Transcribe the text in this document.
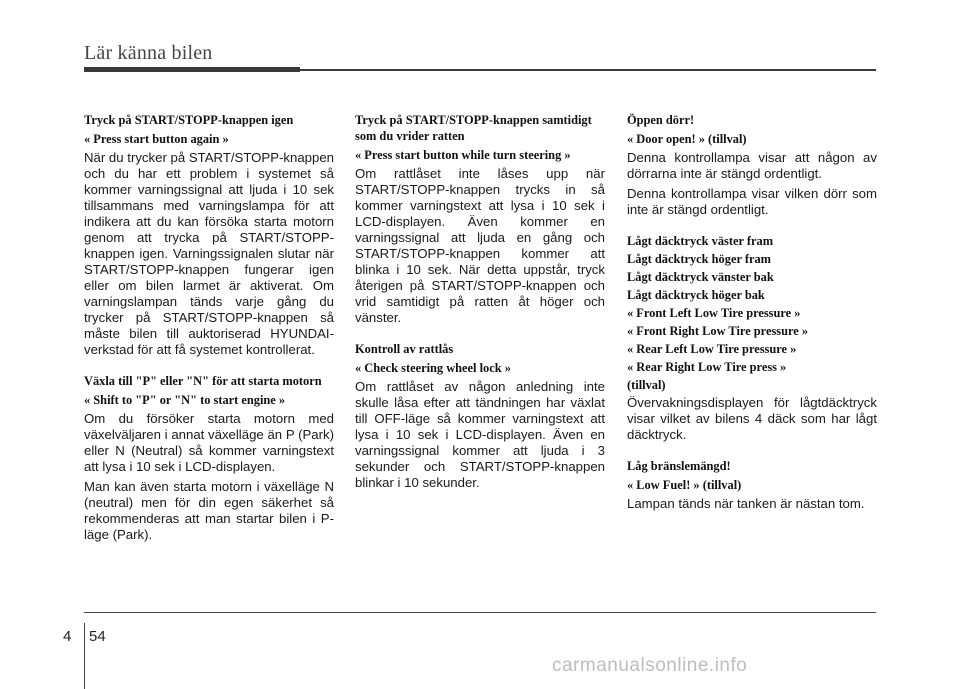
Lär känna bilen
Tryck på START/STOPP-knappen igen
« Press start button again »
När du trycker på START/STOPP-knappen och du har ett problem i systemet så kommer varningssignal att ljuda i 10 sek tillsammans med varningslampa för att indikera att du kan försöka starta motorn genom att trycka på START/STOPP-knappen igen. Varningssignalen slutar när START/STOPP-knappen fungerar igen eller om bilen larmet är aktiverat. Om varningslampan tänds varje gång du trycker på START/STOPP-knappen så måste bilen till auktoriserad HYUNDAI-verkstad för att få systemet kontrollerat.
Växla till "P" eller "N" för att starta motorn
« Shift to "P" or "N" to start engine »
Om du försöker starta motorn med växelväljaren i annat växelläge än P (Park) eller N (Neutral) så kommer varningstext att lysa i 10 sek i LCD-displayen.
Man kan även starta motorn i växelläge N (neutral) men för din egen säkerhet så rekommenderas att man startar bilen i P-läge (Park).
Tryck på START/STOPP-knappen samtidigt som du vrider ratten
« Press start button while turn steering »
Om rattlåset inte låses upp när START/STOPP-knappen trycks in så kommer varningstext att lysa i 10 sek i LCD-displayen. Även kommer en varningssignal att ljuda en gång och START/STOPP-knappen kommer att blinka i 10 sek. När detta uppstår, tryck återigen på START/STOPP-knappen och vrid samtidigt på ratten åt höger och vänster.
Kontroll av rattlås
« Check steering wheel lock »
Om rattlåset av någon anledning inte skulle låsa efter att tändningen har växlat till OFF-läge så kommer varningstext att lysa i 10 sek i LCD-displayen. Även en varningssignal kommer att ljuda i 3 sekunder och START/STOPP-knappen blinkar i 10 sekunder.
Öppen dörr!
« Door open! » (tillval)
Denna kontrollampa visar att någon av dörrarna inte är stängd ordentligt.
Denna kontrollampa visar vilken dörr som inte är stängd ordentligt.
Lågt däcktryck väster fram
Lågt däcktryck höger fram
Lågt däcktryck vänster bak
Lågt däcktryck höger bak
« Front Left Low Tire pressure »
« Front Right Low Tire pressure »
« Rear Left Low Tire pressure »
« Rear Right Low Tire press »
(tillval)
Övervakningsdisplayen för lågtdäcktryck visar vilket av bilens 4 däck som har lågt däcktryck.
Låg bränslemängd!
« Low Fuel! » (tillval)
Lampan tänds när tanken är nästan tom.
4 54
carmanualsonline.info
